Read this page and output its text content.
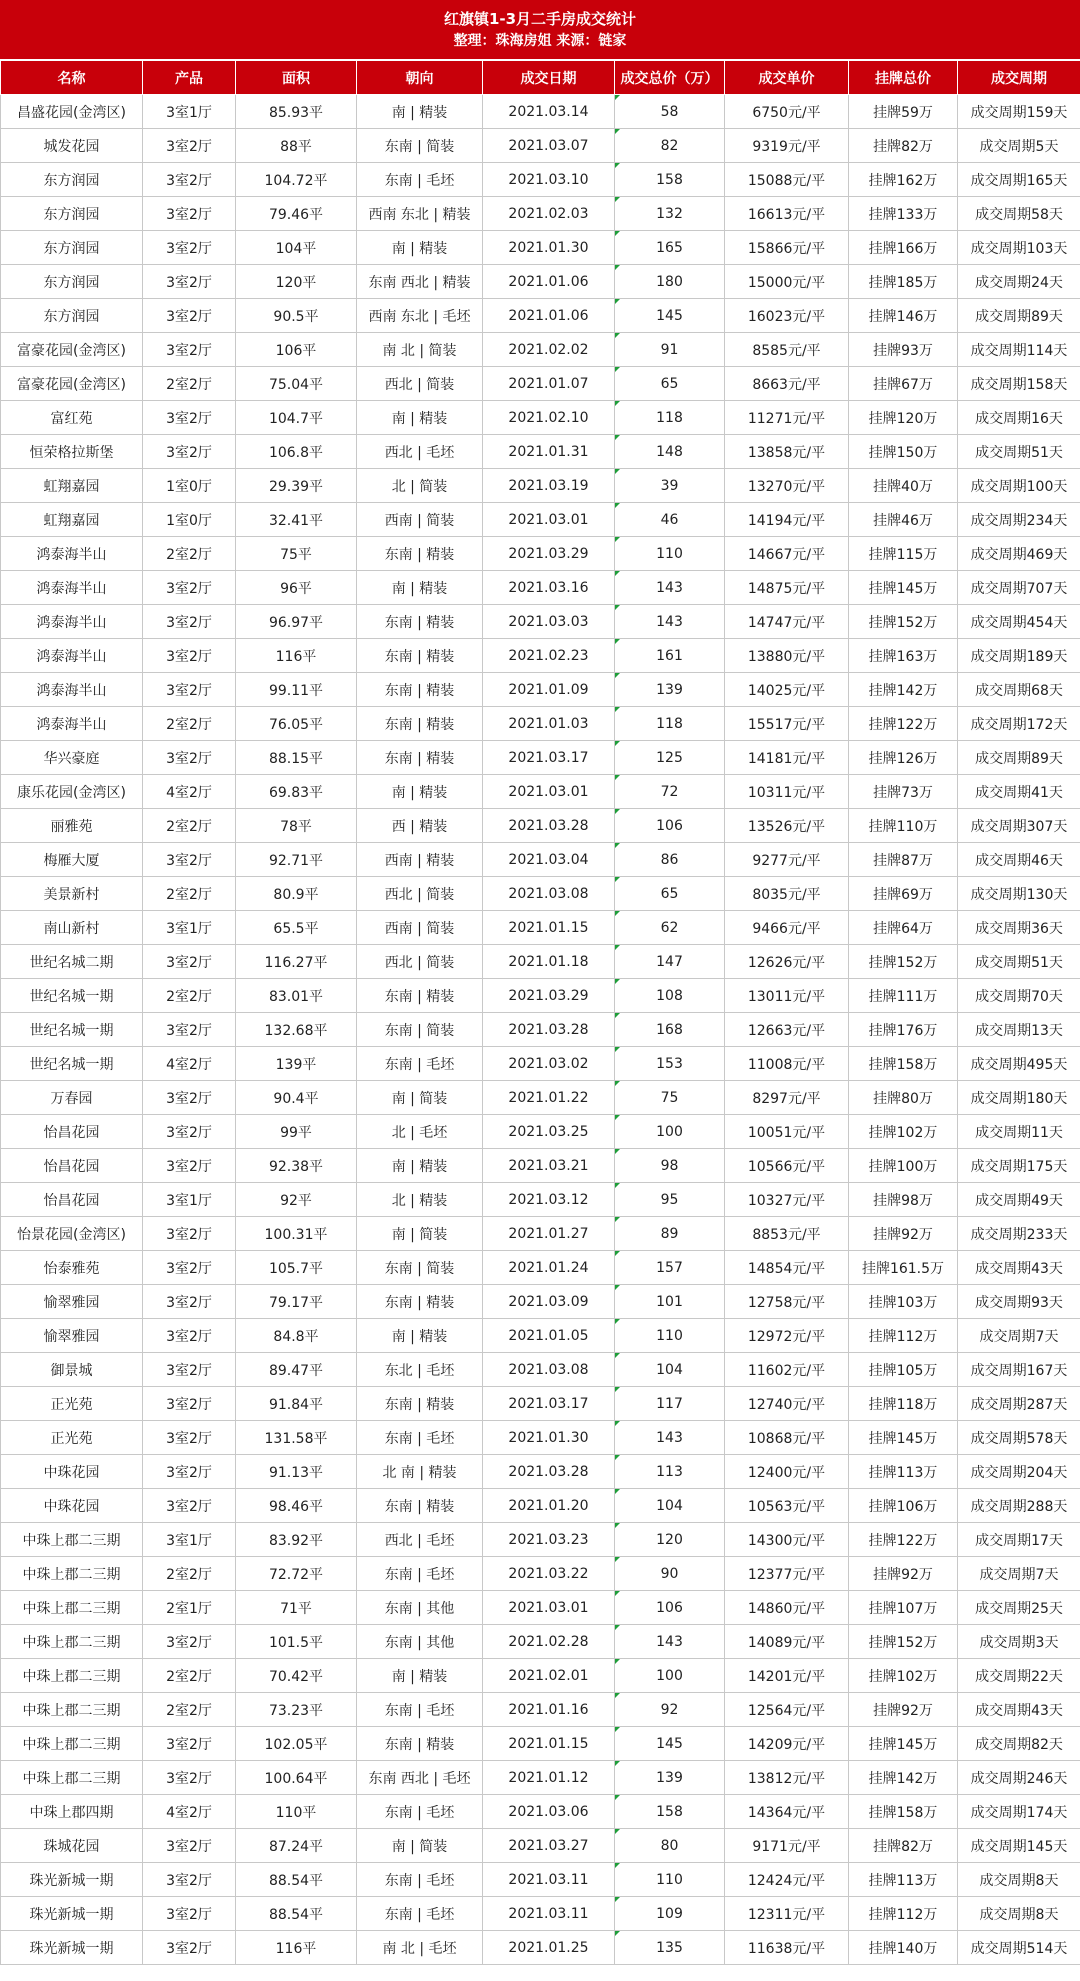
红旗镇1-3月二手房成交统计
整理：珠海房姐 来源：链家
名称	产品	面积	朝向	成交日期	成交总价（万）	成交单价	挂牌总价	成交周期
昌盛花园(金湾区)	3室1厅	85.93平	南 | 精装	2021.03.14	58	6750元/平	挂牌59万	成交周期159天
城发花园	3室2厅	88平	东南 | 简装	2021.03.07	82	9319元/平	挂牌82万	成交周期5天
东方润园	3室2厅	104.72平	东南 | 毛坯	2021.03.10	158	15088元/平	挂牌162万	成交周期165天
东方润园	3室2厅	79.46平	西南 东北 | 精装	2021.02.03	132	16613元/平	挂牌133万	成交周期58天
东方润园	3室2厅	104平	南 | 精装	2021.01.30	165	15866元/平	挂牌166万	成交周期103天
东方润园	3室2厅	120平	东南 西北 | 精装	2021.01.06	180	15000元/平	挂牌185万	成交周期24天
东方润园	3室2厅	90.5平	西南 东北 | 毛坯	2021.01.06	145	16023元/平	挂牌146万	成交周期89天
富豪花园(金湾区)	3室2厅	106平	南 北 | 简装	2021.02.02	91	8585元/平	挂牌93万	成交周期114天
富豪花园(金湾区)	2室2厅	75.04平	西北 | 简装	2021.01.07	65	8663元/平	挂牌67万	成交周期158天
富红苑	3室2厅	104.7平	南 | 精装	2021.02.10	118	11271元/平	挂牌120万	成交周期16天
恒荣格拉斯堡	3室2厅	106.8平	西北 | 毛坯	2021.01.31	148	13858元/平	挂牌150万	成交周期51天
虹翔嘉园	1室0厅	29.39平	北 | 简装	2021.03.19	39	13270元/平	挂牌40万	成交周期100天
虹翔嘉园	1室0厅	32.41平	西南 | 简装	2021.03.01	46	14194元/平	挂牌46万	成交周期234天
鸿泰海半山	2室2厅	75平	东南 | 精装	2021.03.29	110	14667元/平	挂牌115万	成交周期469天
鸿泰海半山	3室2厅	96平	南 | 精装	2021.03.16	143	14875元/平	挂牌145万	成交周期707天
鸿泰海半山	3室2厅	96.97平	东南 | 精装	2021.03.03	143	14747元/平	挂牌152万	成交周期454天
鸿泰海半山	3室2厅	116平	东南 | 精装	2021.02.23	161	13880元/平	挂牌163万	成交周期189天
鸿泰海半山	3室2厅	99.11平	东南 | 精装	2021.01.09	139	14025元/平	挂牌142万	成交周期68天
鸿泰海半山	2室2厅	76.05平	东南 | 精装	2021.01.03	118	15517元/平	挂牌122万	成交周期172天
华兴豪庭	3室2厅	88.15平	东南 | 精装	2021.03.17	125	14181元/平	挂牌126万	成交周期89天
康乐花园(金湾区)	4室2厅	69.83平	南 | 精装	2021.03.01	72	10311元/平	挂牌73万	成交周期41天
丽雅苑	2室2厅	78平	西 | 精装	2021.03.28	106	13526元/平	挂牌110万	成交周期307天
梅雁大厦	3室2厅	92.71平	西南 | 精装	2021.03.04	86	9277元/平	挂牌87万	成交周期46天
美景新村	2室2厅	80.9平	西北 | 简装	2021.03.08	65	8035元/平	挂牌69万	成交周期130天
南山新村	3室1厅	65.5平	西南 | 简装	2021.01.15	62	9466元/平	挂牌64万	成交周期36天
世纪名城二期	3室2厅	116.27平	西北 | 简装	2021.01.18	147	12626元/平	挂牌152万	成交周期51天
世纪名城一期	2室2厅	83.01平	东南 | 精装	2021.03.29	108	13011元/平	挂牌111万	成交周期70天
世纪名城一期	3室2厅	132.68平	东南 | 简装	2021.03.28	168	12663元/平	挂牌176万	成交周期13天
世纪名城一期	4室2厅	139平	东南 | 毛坯	2021.03.02	153	11008元/平	挂牌158万	成交周期495天
万春园	3室2厅	90.4平	南 | 简装	2021.01.22	75	8297元/平	挂牌80万	成交周期180天
怡昌花园	3室2厅	99平	北 | 毛坯	2021.03.25	100	10051元/平	挂牌102万	成交周期11天
怡昌花园	3室2厅	92.38平	南 | 精装	2021.03.21	98	10566元/平	挂牌100万	成交周期175天
怡昌花园	3室1厅	92平	北 | 精装	2021.03.12	95	10327元/平	挂牌98万	成交周期49天
怡景花园(金湾区)	3室2厅	100.31平	南 | 简装	2021.01.27	89	8853元/平	挂牌92万	成交周期233天
怡泰雅苑	3室2厅	105.7平	东南 | 简装	2021.01.24	157	14854元/平	挂牌161.5万	成交周期43天
愉翠雅园	3室2厅	79.17平	东南 | 精装	2021.03.09	101	12758元/平	挂牌103万	成交周期93天
愉翠雅园	3室2厅	84.8平	南 | 精装	2021.01.05	110	12972元/平	挂牌112万	成交周期7天
御景城	3室2厅	89.47平	东北 | 毛坯	2021.03.08	104	11602元/平	挂牌105万	成交周期167天
正光苑	3室2厅	91.84平	东南 | 精装	2021.03.17	117	12740元/平	挂牌118万	成交周期287天
正光苑	3室2厅	131.58平	东南 | 毛坯	2021.01.30	143	10868元/平	挂牌145万	成交周期578天
中珠花园	3室2厅	91.13平	北 南 | 精装	2021.03.28	113	12400元/平	挂牌113万	成交周期204天
中珠花园	3室2厅	98.46平	东南 | 精装	2021.01.20	104	10563元/平	挂牌106万	成交周期288天
中珠上郡二三期	3室1厅	83.92平	西北 | 毛坯	2021.03.23	120	14300元/平	挂牌122万	成交周期17天
中珠上郡二三期	2室2厅	72.72平	东南 | 毛坯	2021.03.22	90	12377元/平	挂牌92万	成交周期7天
中珠上郡二三期	2室1厅	71平	东南 | 其他	2021.03.01	106	14860元/平	挂牌107万	成交周期25天
中珠上郡二三期	3室2厅	101.5平	东南 | 其他	2021.02.28	143	14089元/平	挂牌152万	成交周期3天
中珠上郡二三期	2室2厅	70.42平	南 | 精装	2021.02.01	100	14201元/平	挂牌102万	成交周期22天
中珠上郡二三期	2室2厅	73.23平	东南 | 毛坯	2021.01.16	92	12564元/平	挂牌92万	成交周期43天
中珠上郡二三期	3室2厅	102.05平	东南 | 精装	2021.01.15	145	14209元/平	挂牌145万	成交周期82天
中珠上郡二三期	3室2厅	100.64平	东南 西北 | 毛坯	2021.01.12	139	13812元/平	挂牌142万	成交周期246天
中珠上郡四期	4室2厅	110平	东南 | 毛坯	2021.03.06	158	14364元/平	挂牌158万	成交周期174天
珠城花园	3室2厅	87.24平	南 | 简装	2021.03.27	80	9171元/平	挂牌82万	成交周期145天
珠光新城一期	3室2厅	88.54平	东南 | 毛坯	2021.03.11	110	12424元/平	挂牌113万	成交周期8天
珠光新城一期	3室2厅	88.54平	东南 | 毛坯	2021.03.11	109	12311元/平	挂牌112万	成交周期8天
珠光新城一期	3室2厅	116平	南 北 | 毛坯	2021.01.25	135	11638元/平	挂牌140万	成交周期514天
